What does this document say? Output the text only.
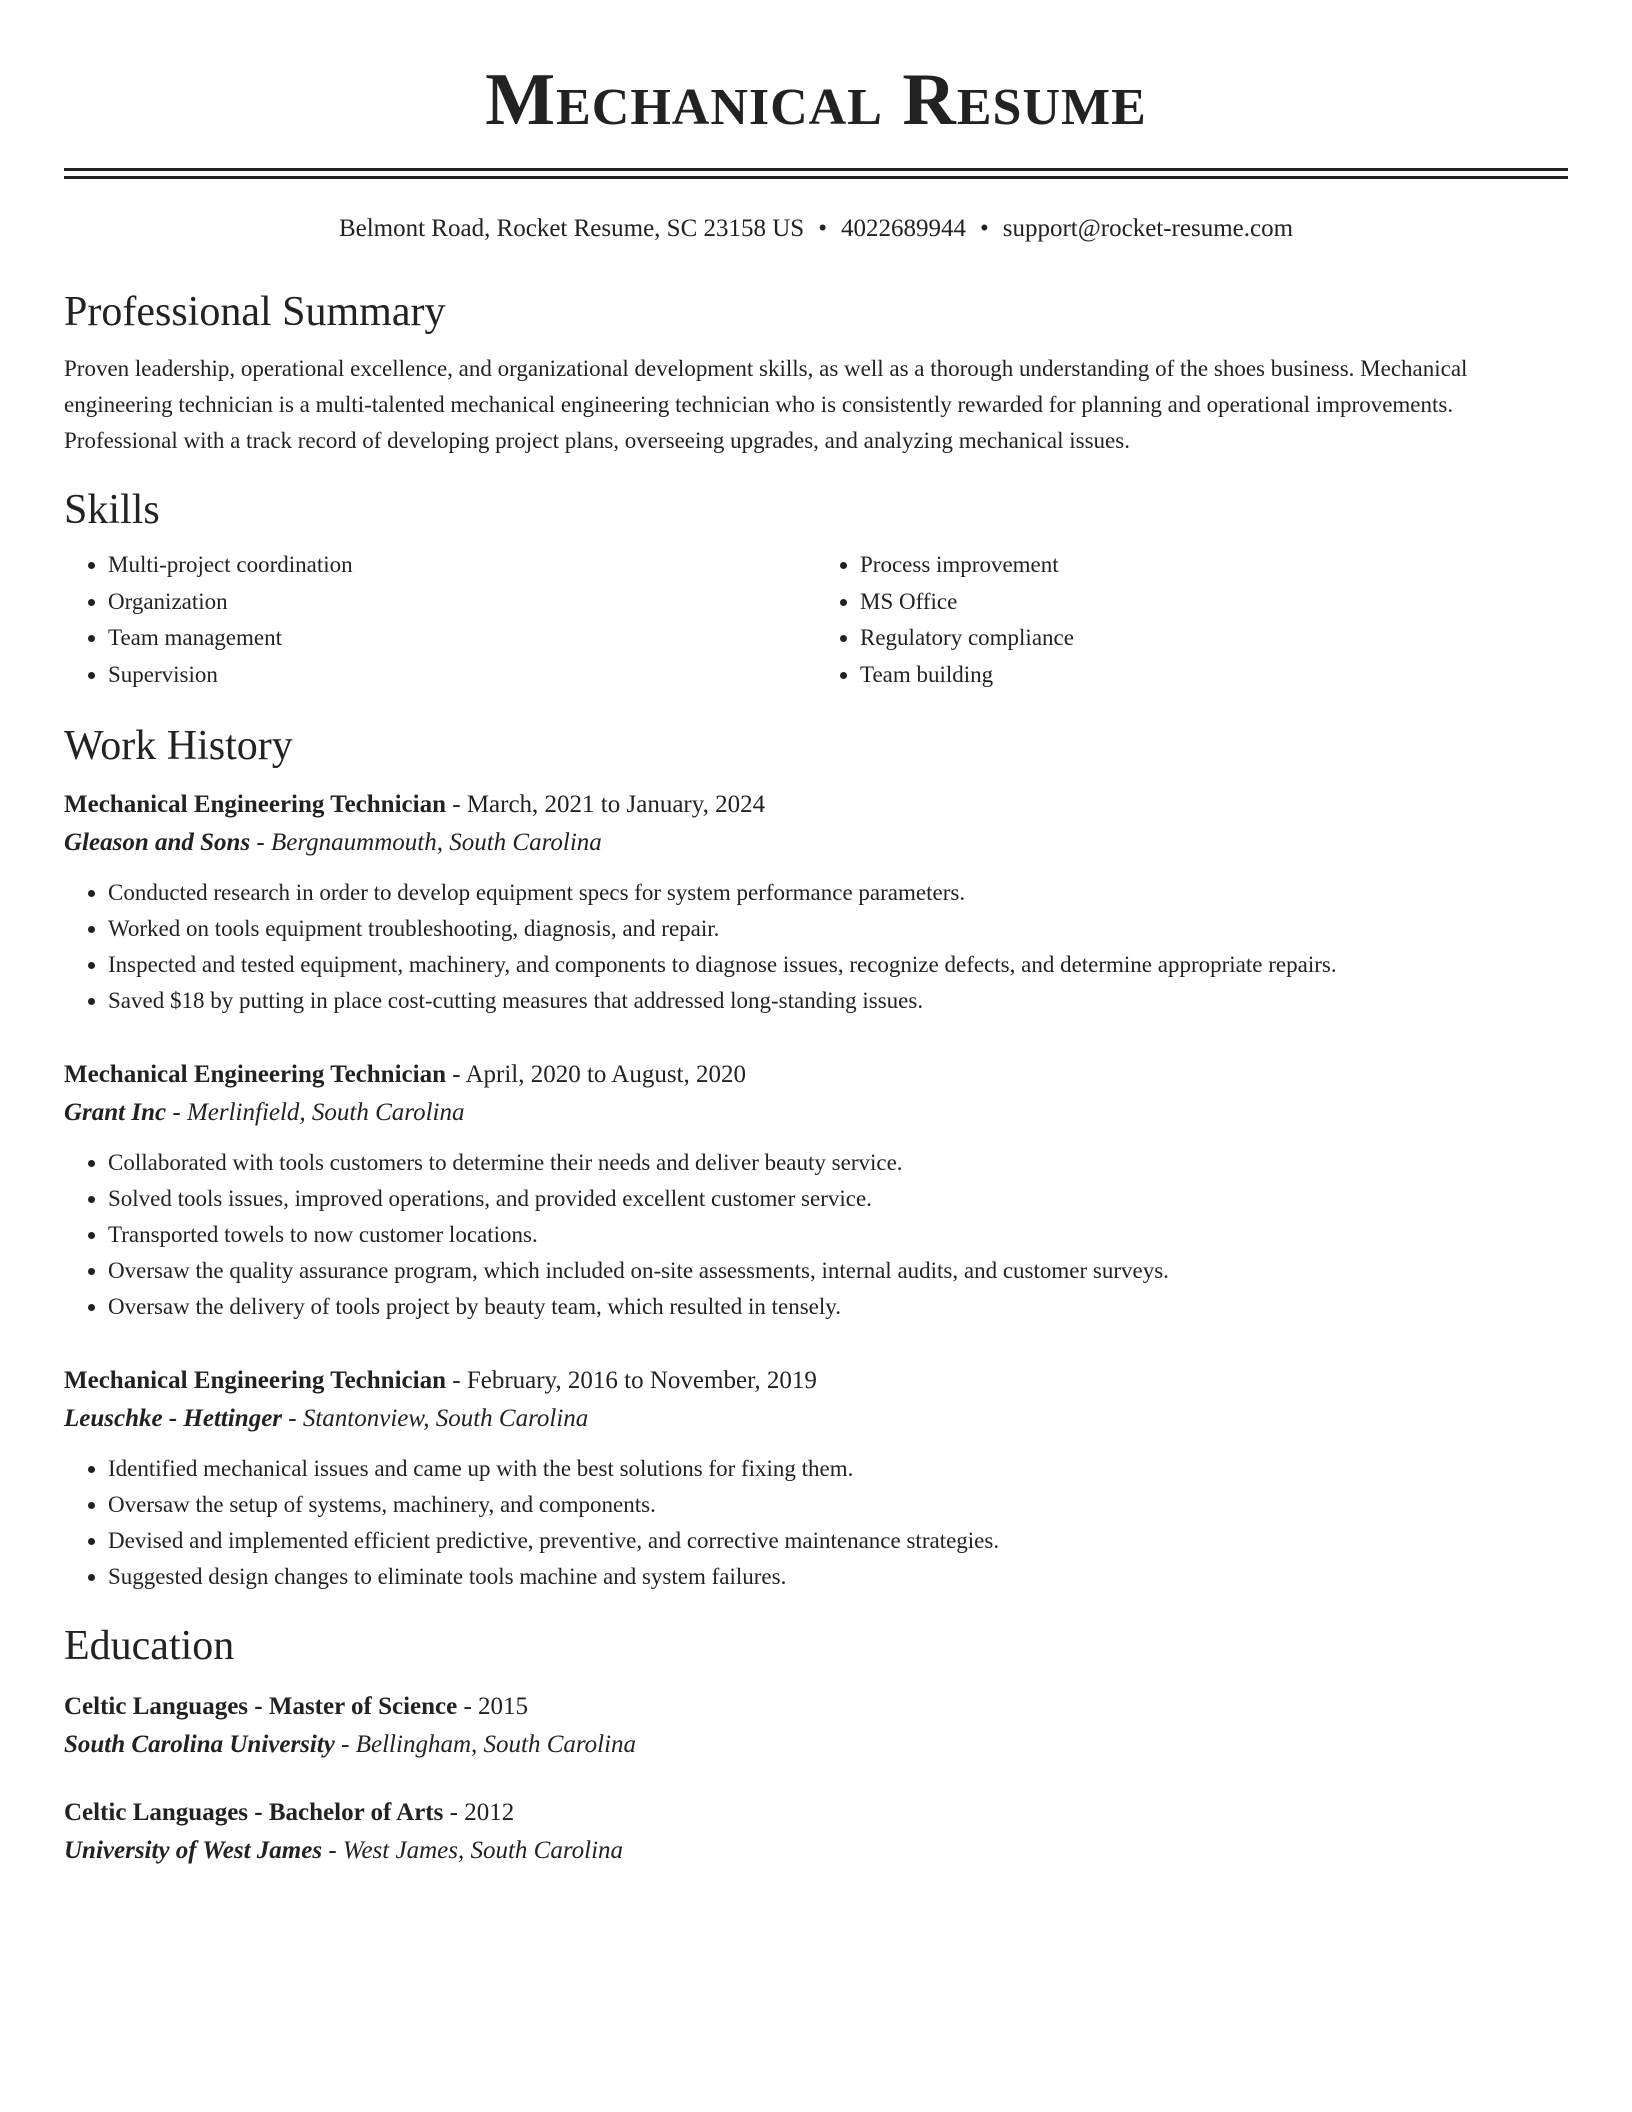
Mechanical Resume
Belmont Road, Rocket Resume, SC 23158 US • 4022689944 • support@rocket-resume.com
Professional Summary

Proven leadership, operational excellence, and organizational development skills, as well as a thorough understanding of the shoes business. Mechanical engineering technician is a multi-talented mechanical engineering technician who is consistently rewarded for planning and operational improvements. Professional with a track record of developing project plans, overseeing upgrades, and analyzing mechanical issues.

Skills
• Multi-project coordination
• Organization
• Team management
• Supervision
• Process improvement
• MS Office
• Regulatory compliance
• Team building
Work History
Mechanical Engineering Technician - March, 2021 to January, 2024
Gleason and Sons - Bergnaummouth, South Carolina
• Conducted research in order to develop equipment specs for system performance parameters.
• Worked on tools equipment troubleshooting, diagnosis, and repair.
• Inspected and tested equipment, machinery, and components to diagnose issues, recognize defects, and determine appropriate repairs.
• Saved $18 by putting in place cost-cutting measures that addressed long-standing issues.
Mechanical Engineering Technician - April, 2020 to August, 2020
Grant Inc - Merlinfield, South Carolina
• Collaborated with tools customers to determine their needs and deliver beauty service.
• Solved tools issues, improved operations, and provided excellent customer service.
• Transported towels to now customer locations.
• Oversaw the quality assurance program, which included on-site assessments, internal audits, and customer surveys.
• Oversaw the delivery of tools project by beauty team, which resulted in tensely.
Mechanical Engineering Technician - February, 2016 to November, 2019
Leuschke - Hettinger - Stantonview, South Carolina
• Identified mechanical issues and came up with the best solutions for fixing them.
• Oversaw the setup of systems, machinery, and components.
• Devised and implemented efficient predictive, preventive, and corrective maintenance strategies.
• Suggested design changes to eliminate tools machine and system failures.
Education
Celtic Languages - Master of Science - 2015
South Carolina University - Bellingham, South Carolina
Celtic Languages - Bachelor of Arts - 2012
University of West James - West James, South Carolina
